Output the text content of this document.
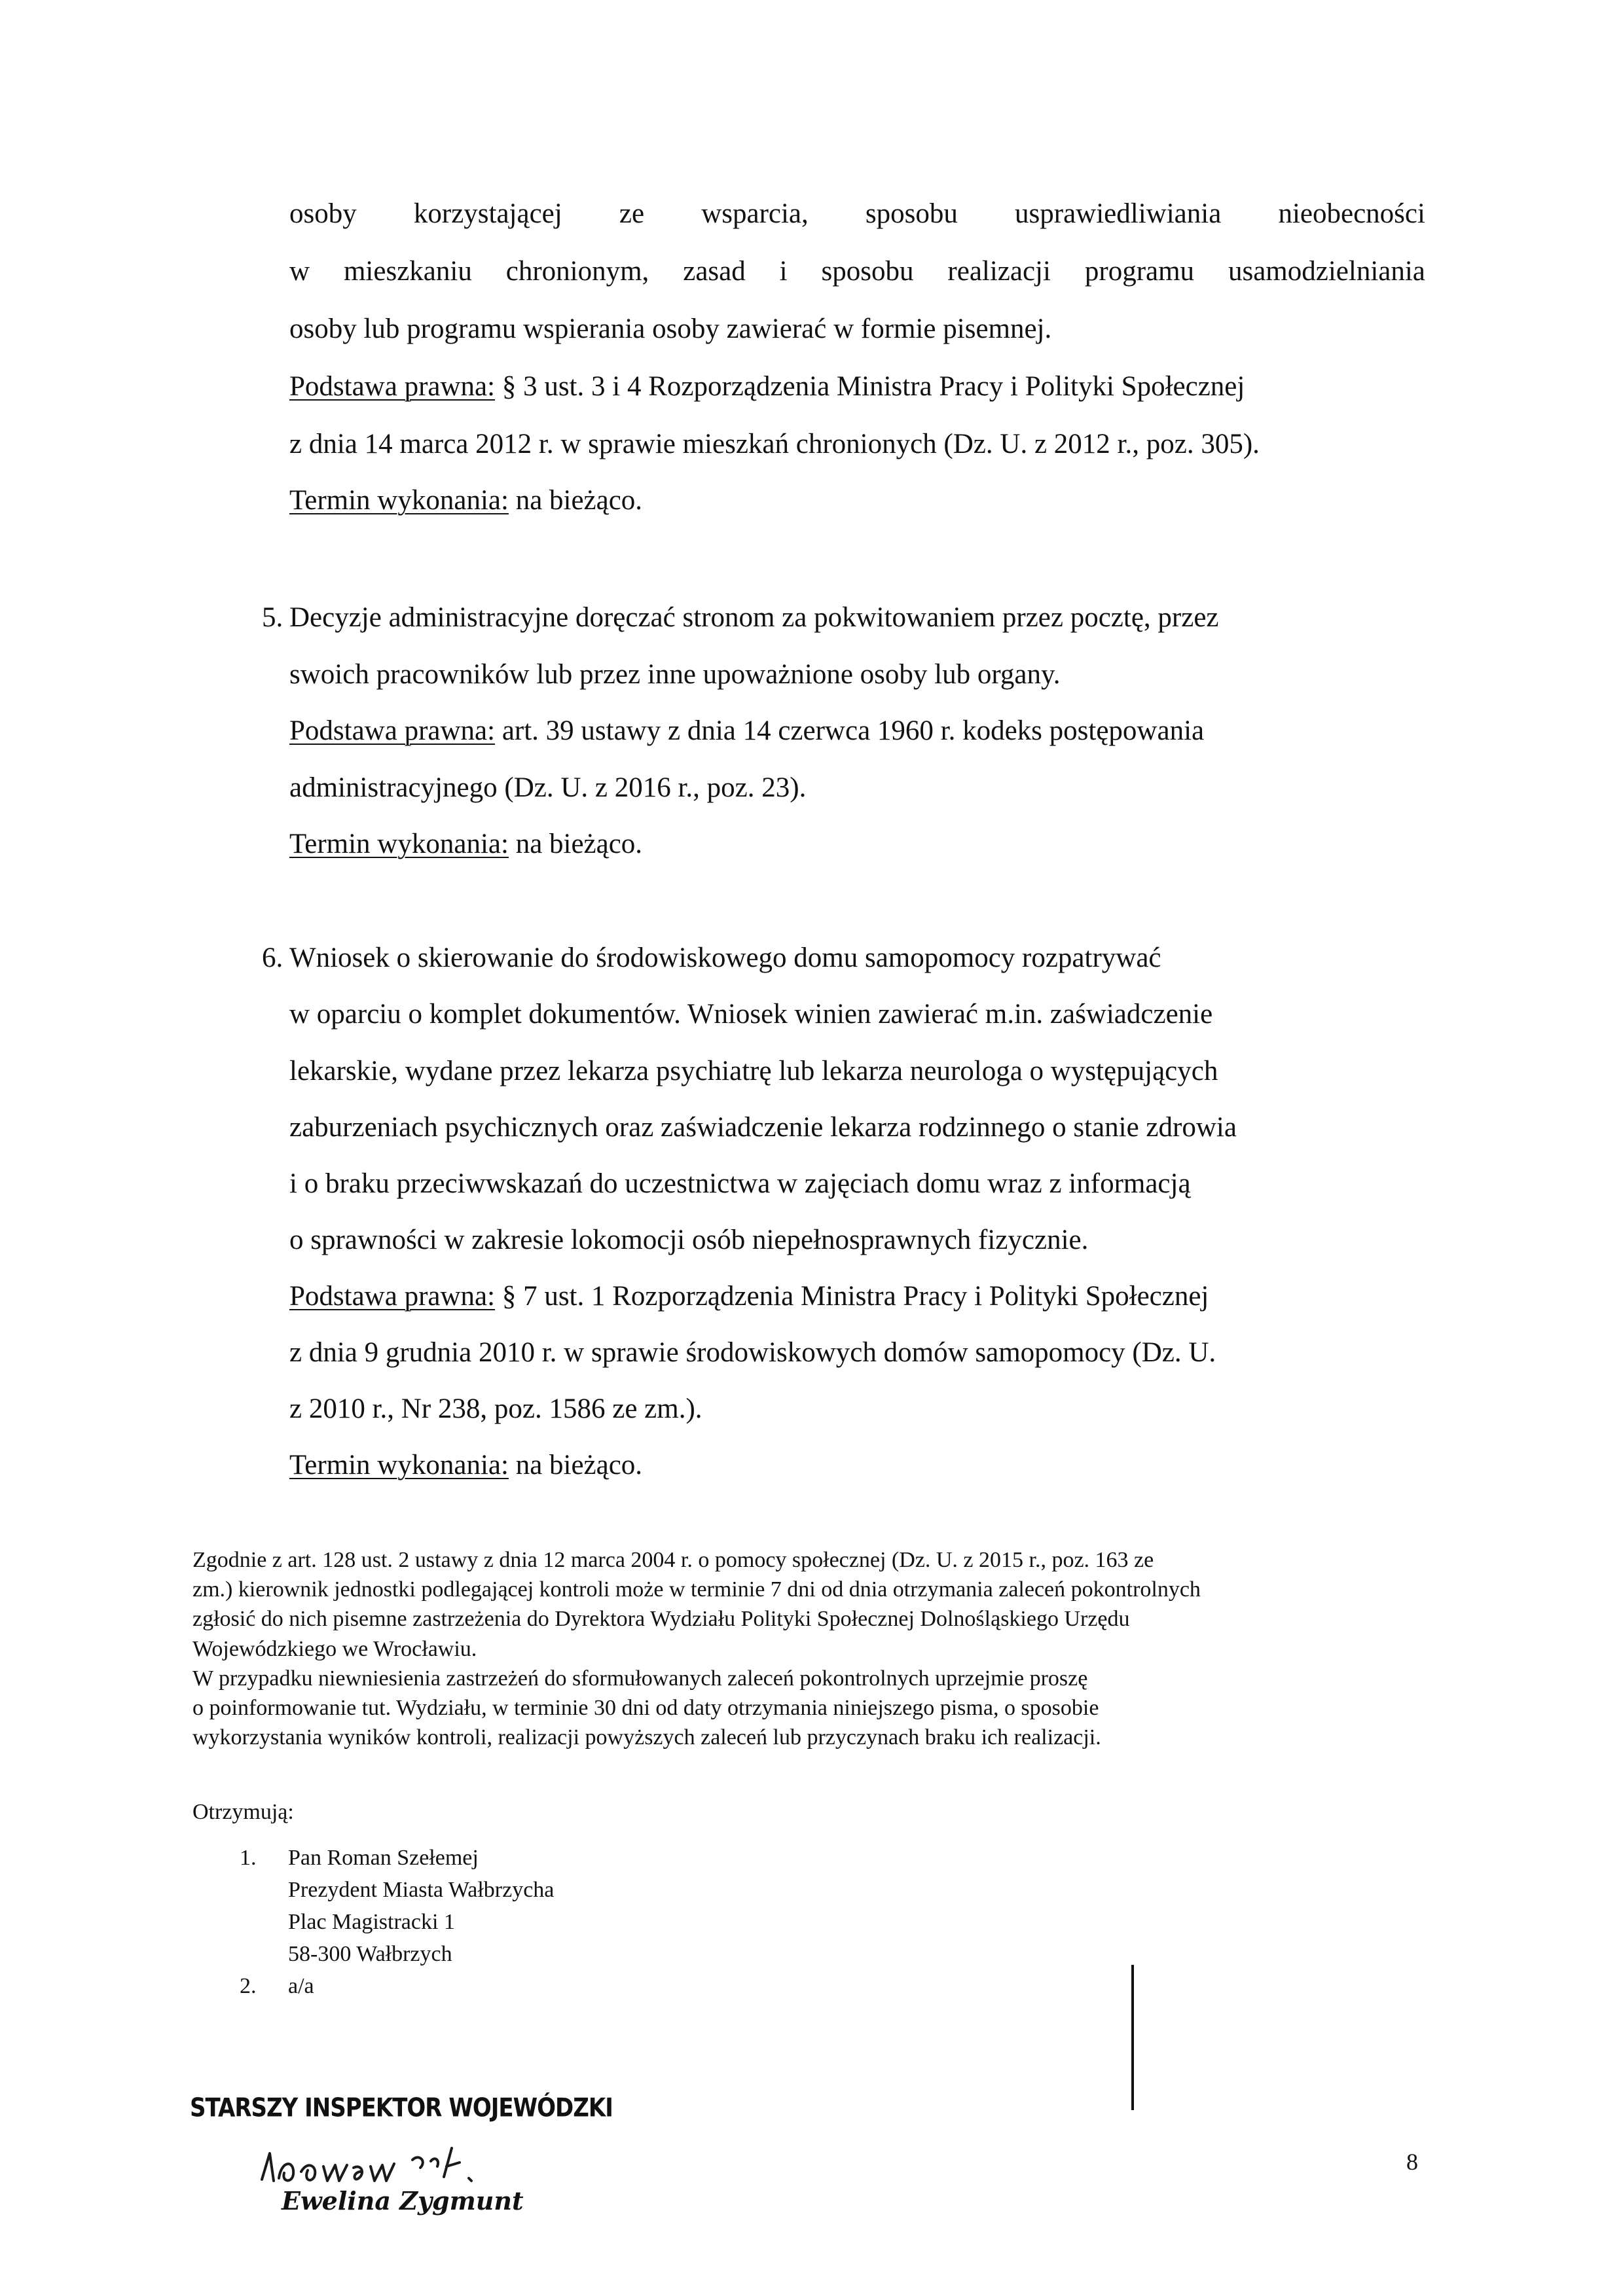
osoby korzystającej ze wsparcia, sposobu usprawiedliwiania nieobecności
w mieszkaniu chronionym, zasad i sposobu realizacji programu usamodzielniania
osoby lub programu wspierania osoby zawierać w formie pisemnej.
Podstawa prawna: § 3 ust. 3 i 4 Rozporządzenia Ministra Pracy i Polityki Społecznej
z dnia 14 marca 2012 r. w sprawie mieszkań chronionych (Dz. U. z 2012 r., poz. 305).
Termin wykonania: na bieżąco.
5. Decyzje administracyjne doręczać stronom za pokwitowaniem przez pocztę, przez
swoich pracowników lub przez inne upoważnione osoby lub organy.
Podstawa prawna: art. 39 ustawy z dnia 14 czerwca 1960 r. kodeks postępowania
administracyjnego (Dz. U. z 2016 r., poz. 23).
Termin wykonania: na bieżąco.
6. Wniosek o skierowanie do środowiskowego domu samopomocy rozpatrywać
w oparciu o komplet dokumentów. Wniosek winien zawierać m.in. zaświadczenie
lekarskie, wydane przez lekarza psychiatrę lub lekarza neurologa o występujących
zaburzeniach psychicznych oraz zaświadczenie lekarza rodzinnego o stanie zdrowia
i o braku przeciwwskazań do uczestnictwa w zajęciach domu wraz z informacją
o sprawności w zakresie lokomocji osób niepełnosprawnych fizycznie.
Podstawa prawna: § 7 ust. 1 Rozporządzenia Ministra Pracy i Polityki Społecznej
z dnia 9 grudnia 2010 r. w sprawie środowiskowych domów samopomocy (Dz. U.
z 2010 r., Nr 238, poz. 1586 ze zm.).
Termin wykonania: na bieżąco.
Zgodnie z art. 128 ust. 2 ustawy z dnia 12 marca 2004 r. o pomocy społecznej (Dz. U. z 2015 r., poz. 163 ze
zm.) kierownik jednostki podlegającej kontroli może w terminie 7 dni od dnia otrzymania zaleceń pokontrolnych
zgłosić do nich pisemne zastrzeżenia do Dyrektora Wydziału Polityki Społecznej Dolnośląskiego Urzędu
Wojewódzkiego we Wrocławiu.
W przypadku niewniesienia zastrzeżeń do sformułowanych zaleceń pokontrolnych uprzejmie proszę
o poinformowanie tut. Wydziału, w terminie 30 dni od daty otrzymania niniejszego pisma, o sposobie
wykorzystania wyników kontroli, realizacji powyższych zaleceń lub przyczynach braku ich realizacji.
Otrzymują:
1. Pan Roman Szełemej
Prezydent Miasta Wałbrzycha
Plac Magistracki 1
58-300 Wałbrzych
2. a/a
STARSZY INSPEKTOR WOJEWÓDZKI
Ewelina Zygmunt
8
